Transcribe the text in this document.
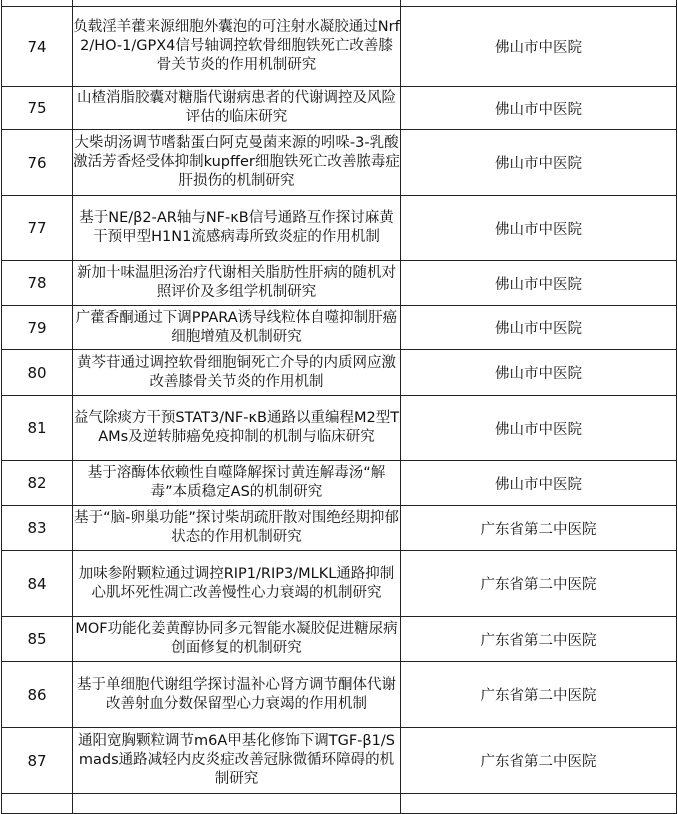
74	负载淫羊藿来源细胞外囊泡的可注射水凝胶通过Nrf2/HO-1/GPX4信号轴调控软骨细胞铁死亡改善膝骨关节炎的作用机制研究	佛山市中医院
75	山楂消脂胶囊对糖脂代谢病患者的代谢调控及风险评估的临床研究	佛山市中医院
76	大柴胡汤调节嗜黏蛋白阿克曼菌来源的吲哚-3-乳酸激活芳香烃受体抑制kupffer细胞铁死亡改善脓毒症肝损伤的机制研究	佛山市中医院
77	基于NE/β2-AR轴与NF-κB信号通路互作探讨麻黄干预甲型H1N1流感病毒所致炎症的作用机制	佛山市中医院
78	新加十味温胆汤治疗代谢相关脂肪性肝病的随机对照评价及多组学机制研究	佛山市中医院
79	广藿香酮通过下调PPARA诱导线粒体自噬抑制肝癌细胞增殖及机制研究	佛山市中医院
80	黄芩苷通过调控软骨细胞铜死亡介导的内质网应激改善膝骨关节炎的作用机制	佛山市中医院
81	益气除痰方干预STAT3/NF-κB通路以重编程M2型TAMs及逆转肺癌免疫抑制的机制与临床研究	佛山市中医院
82	基于溶酶体依赖性自噬降解探讨黄连解毒汤“解毒”本质稳定AS的机制研究	佛山市中医院
83	基于“脑-卵巢功能”探讨柴胡疏肝散对围绝经期抑郁状态的作用机制研究	广东省第二中医院
84	加味参附颗粒通过调控RIP1/RIP3/MLKL通路抑制心肌坏死性凋亡改善慢性心力衰竭的机制研究	广东省第二中医院
85	MOF功能化姜黄醇协同多元智能水凝胶促进糖尿病创面修复的机制研究	广东省第二中医院
86	基于单细胞代谢组学探讨温补心肾方调节酮体代谢改善射血分数保留型心力衰竭的作用机制	广东省第二中医院
87	通阳宽胸颗粒调节m6A甲基化修饰下调TGF-β1/Smads通路减轻内皮炎症改善冠脉微循环障碍的机制研究	广东省第二中医院
